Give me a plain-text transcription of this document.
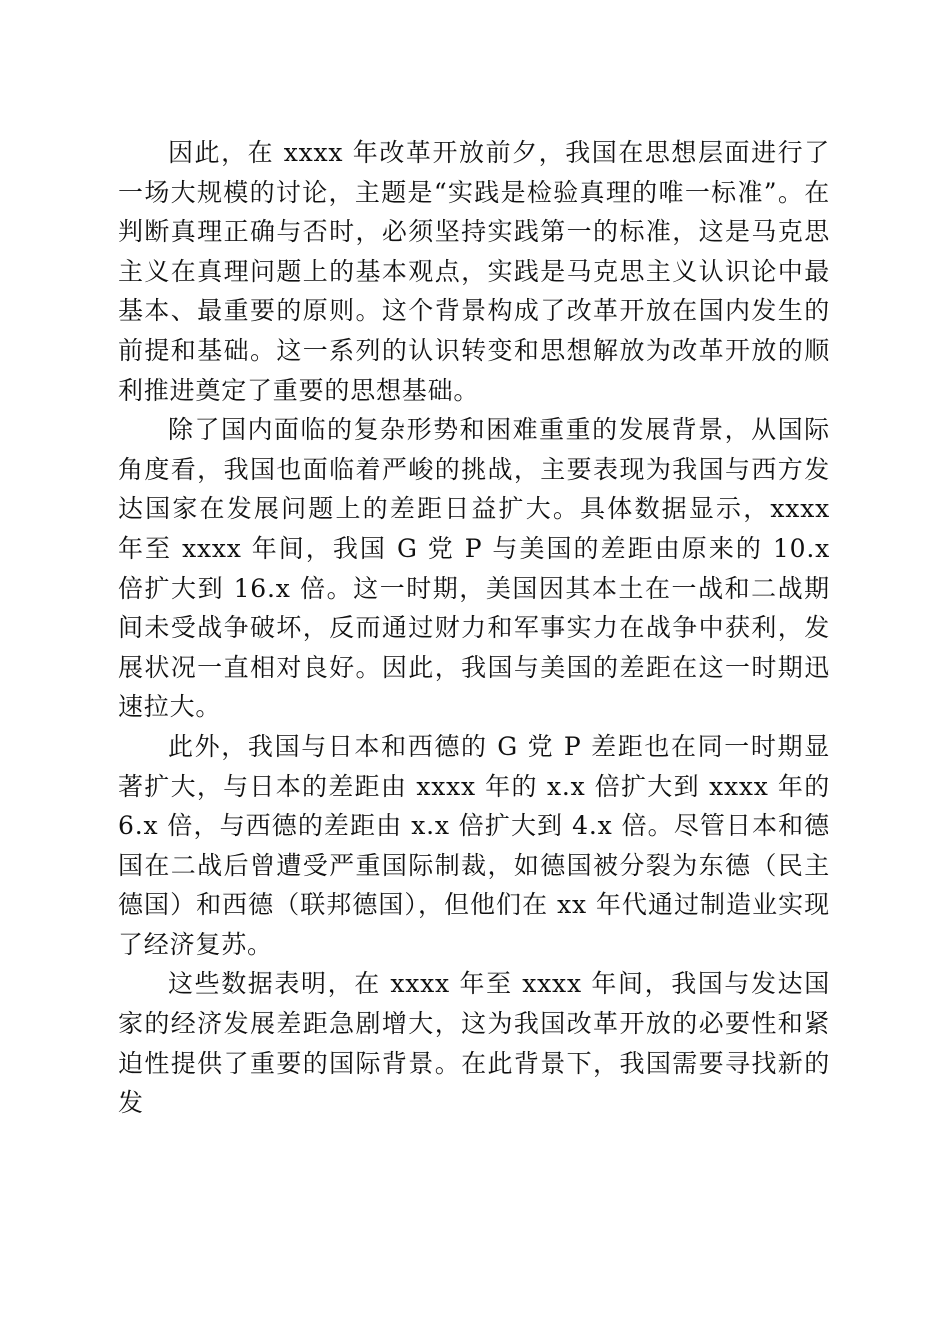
因此，在 xxxx 年改革开放前夕，我国在思想层面进行了一场大规模的讨论，主题是“实践是检验真理的唯一标准”。在判断真理正确与否时，必须坚持实践第一的标准，这是马克思主义在真理问题上的基本观点，实践是马克思主义认识论中最基本、最重要的原则。这个背景构成了改革开放在国内发生的前提和基础。这一系列的认识转变和思想解放为改革开放的顺利推进奠定了重要的思想基础。

除了国内面临的复杂形势和困难重重的发展背景，从国际角度看，我国也面临着严峻的挑战，主要表现为我国与西方发达国家在发展问题上的差距日益扩大。具体数据显示，xxxx 年至 xxxx 年间，我国 G 党 P 与美国的差距由原来的 10.x 倍扩大到 16.x 倍。这一时期，美国因其本土在一战和二战期间未受战争破坏，反而通过财力和军事实力在战争中获利，发展状况一直相对良好。因此，我国与美国的差距在这一时期迅速拉大。

此外，我国与日本和西德的 G 党 P 差距也在同一时期显著扩大，与日本的差距由 xxxx 年的 x.x 倍扩大到 xxxx 年的 6.x 倍，与西德的差距由 x.x 倍扩大到 4.x 倍。尽管日本和德国在二战后曾遭受严重国际制裁，如德国被分裂为东德（民主德国）和西德（联邦德国），但他们在 xx 年代通过制造业实现了经济复苏。

这些数据表明，在 xxxx 年至 xxxx 年间，我国与发达国家的经济发展差距急剧增大，这为我国改革开放的必要性和紧迫性提供了重要的国际背景。在此背景下，我国需要寻找新的发
